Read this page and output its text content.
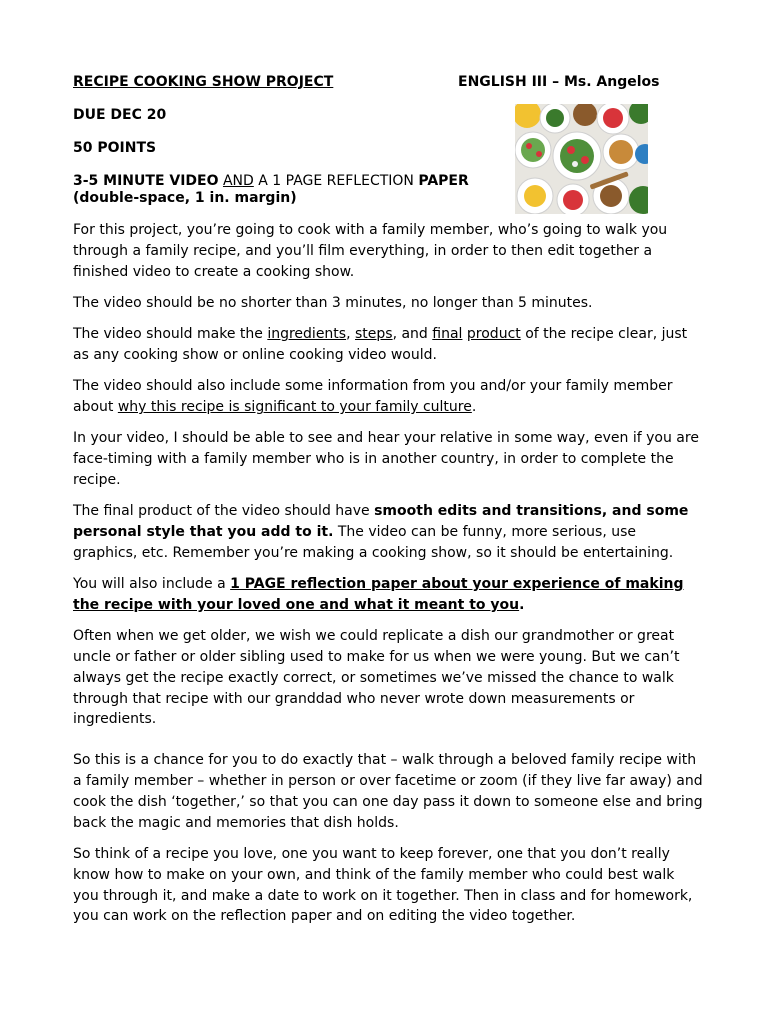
RECIPE COOKING SHOW PROJECT	ENGLISH III – Ms. Angelos
DUE DEC 20
50 POINTS
3-5 MINUTE VIDEO AND A 1 PAGE REFLECTION PAPER
(double-space, 1 in. margin)

For this project, you’re going to cook with a family member, who’s going to walk you through a family recipe, and you’ll film everything, in order to then edit together a finished video to create a cooking show.

The video should be no shorter than 3 minutes, no longer than 5 minutes.

The video should make the ingredients, steps, and final product of the recipe clear, just as any cooking show or online cooking video would.

The video should also include some information from you and/or your family member about why this recipe is significant to your family culture.

In your video, I should be able to see and hear your relative in some way, even if you are face-timing with a family member who is in another country, in order to complete the recipe.

The final product of the video should have smooth edits and transitions, and some personal style that you add to it. The video can be funny, more serious, use graphics, etc. Remember you’re making a cooking show, so it should be entertaining.

You will also include a 1 PAGE reflection paper about your experience of making the recipe with your loved one and what it meant to you.

Often when we get older, we wish we could replicate a dish our grandmother or great uncle or father or older sibling used to make for us when we were young. But we can’t always get the recipe exactly correct, or sometimes we’ve missed the chance to walk through that recipe with our granddad who never wrote down measurements or ingredients.

So this is a chance for you to do exactly that – walk through a beloved family recipe with a family member – whether in person or over facetime or zoom (if they live far away) and cook the dish ‘together,’ so that you can one day pass it down to someone else and bring back the magic and memories that dish holds.

So think of a recipe you love, one you want to keep forever, one that you don’t really know how to make on your own, and think of the family member who could best walk you through it, and make a date to work on it together. Then in class and for homework, you can work on the reflection paper and on editing the video together.
